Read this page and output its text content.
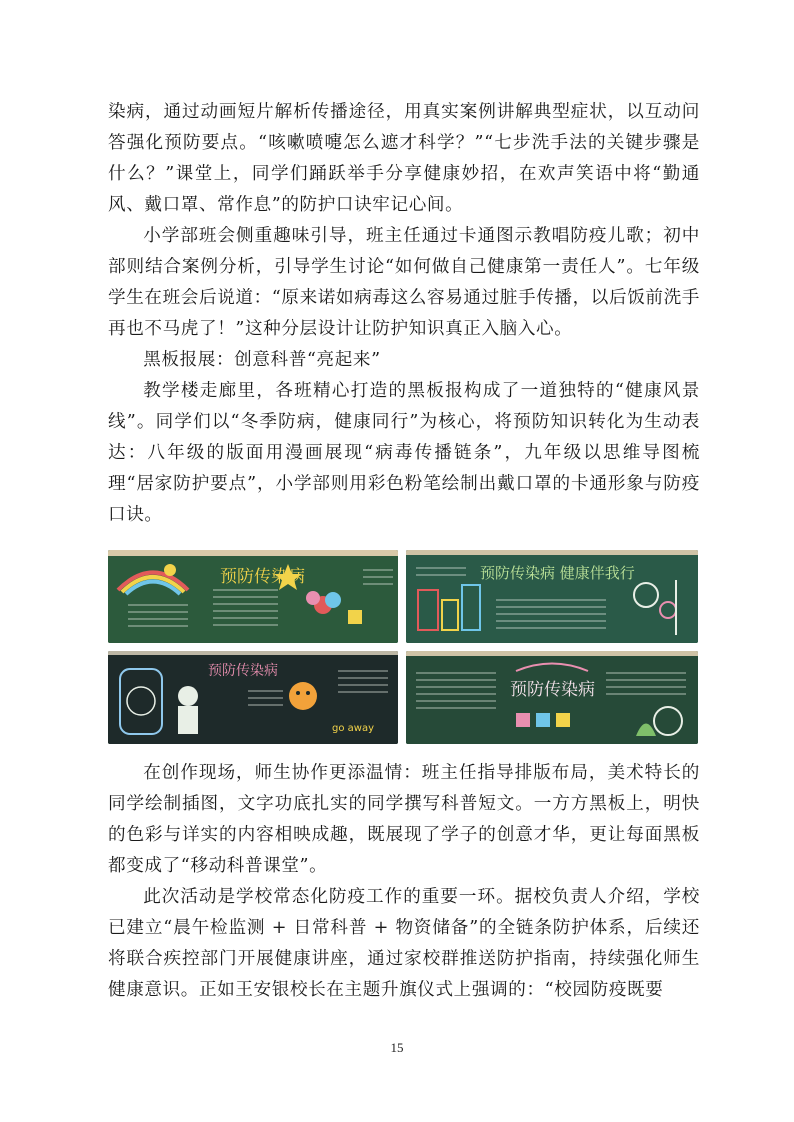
染病，通过动画短片解析传播途径，用真实案例讲解典型症状，以互动问答强化预防要点。“咳嗽喷嚏怎么遮才科学？”“七步洗手法的关键步骤是什么？”课堂上，同学们踊跃举手分享健康妙招，在欢声笑语中将“勤通风、戴口罩、常作息”的防护口诀牢记心间。

小学部班会侧重趣味引导，班主任通过卡通图示教唱防疫儿歌；初中部则结合案例分析，引导学生讨论“如何做自己健康第一责任人”。七年级学生在班会后说道：“原来诺如病毒这么容易通过脏手传播，以后饭前洗手再也不马虎了！”这种分层设计让防护知识真正入脑入心。

黑板报展：创意科普“亮起来”

教学楼走廊里，各班精心打造的黑板报构成了一道独特的“健康风景线”。同学们以“冬季防病，健康同行”为核心，将预防知识转化为生动表达：八年级的版面用漫画展现“病毒传播链条”，九年级以思维导图梳理“居家防护要点”，小学部则用彩色粉笔绘制出戴口罩的卡通形象与防疫口诀。

预防传染病	预防传染病 健康伴我行
预防传染病
go away
预防传染病

在创作现场，师生协作更添温情：班主任指导排版布局，美术特长的同学绘制插图，文字功底扎实的同学撰写科普短文。一方方黑板上，明快的色彩与详实的内容相映成趣，既展现了学子的创意才华，更让每面黑板都变成了“移动科普课堂”。

此次活动是学校常态化防疫工作的重要一环。据校负责人介绍，学校已建立“晨午检监测 + 日常科普 + 物资储备”的全链条防护体系，后续还将联合疾控部门开展健康讲座，通过家校群推送防护指南，持续强化师生健康意识。正如王安银校长在主题升旗仪式上强调的：“校园防疫既要

15
